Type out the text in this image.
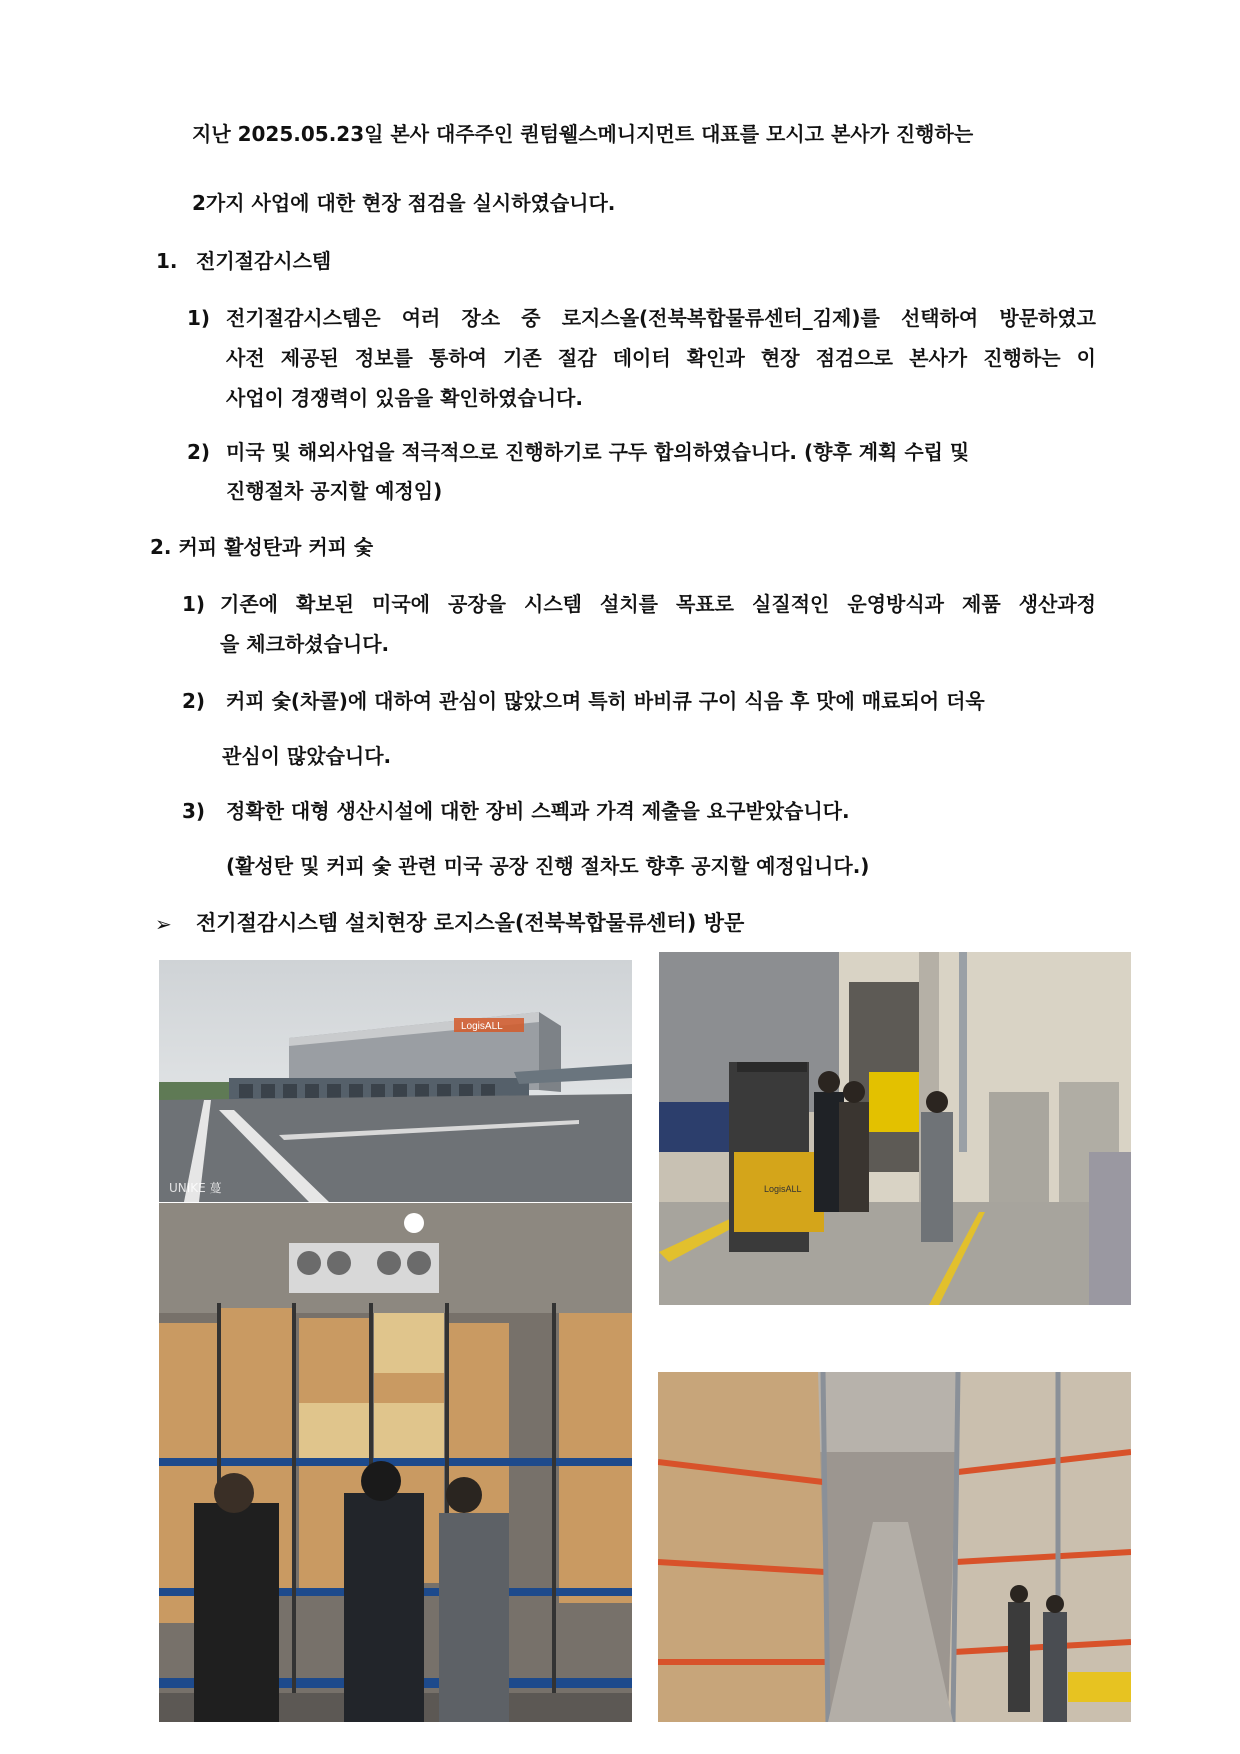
지난 2025.05.23일 본사 대주주인 퀀텀웰스메니지먼트 대표를 모시고 본사가 진행하는
2가지 사업에 대한 현장 점검을 실시하였습니다.
1. 전기절감시스템
1) 전기절감시스템은 여러 장소 중 로지스올(전북복합물류센터_김제)를 선택하여 방문하였고
사전 제공된 정보를 통하여 기존 절감 데이터 확인과 현장 점검으로 본사가 진행하는 이
사업이 경쟁력이 있음을 확인하였습니다.
2) 미국 및 해외사업을 적극적으로 진행하기로 구두 합의하였습니다. (향후 계획 수립 및
진행절차 공지할 예정임)
2. 커피 활성탄과 커피 숯
1) 기존에 확보된 미국에 공장을 시스템 설치를 목표로 실질적인 운영방식과 제품 생산과정
을 체크하셨습니다.
2) 커피 숯(차콜)에 대하여 관심이 많았으며 특히 바비큐 구이 식음 후 맛에 매료되어 더욱
관심이 많았습니다.
3) 정확한 대형 생산시설에 대한 장비 스펙과 가격 제출을 요구받았습니다.
(활성탄 및 커피 숯 관련 미국 공장 진행 절차도 향후 공지할 예정입니다.)
➢ 전기절감시스템 설치현장 로지스올(전북복합물류센터) 방문
LogisALL
UNIKE 蔓	LogisALL
